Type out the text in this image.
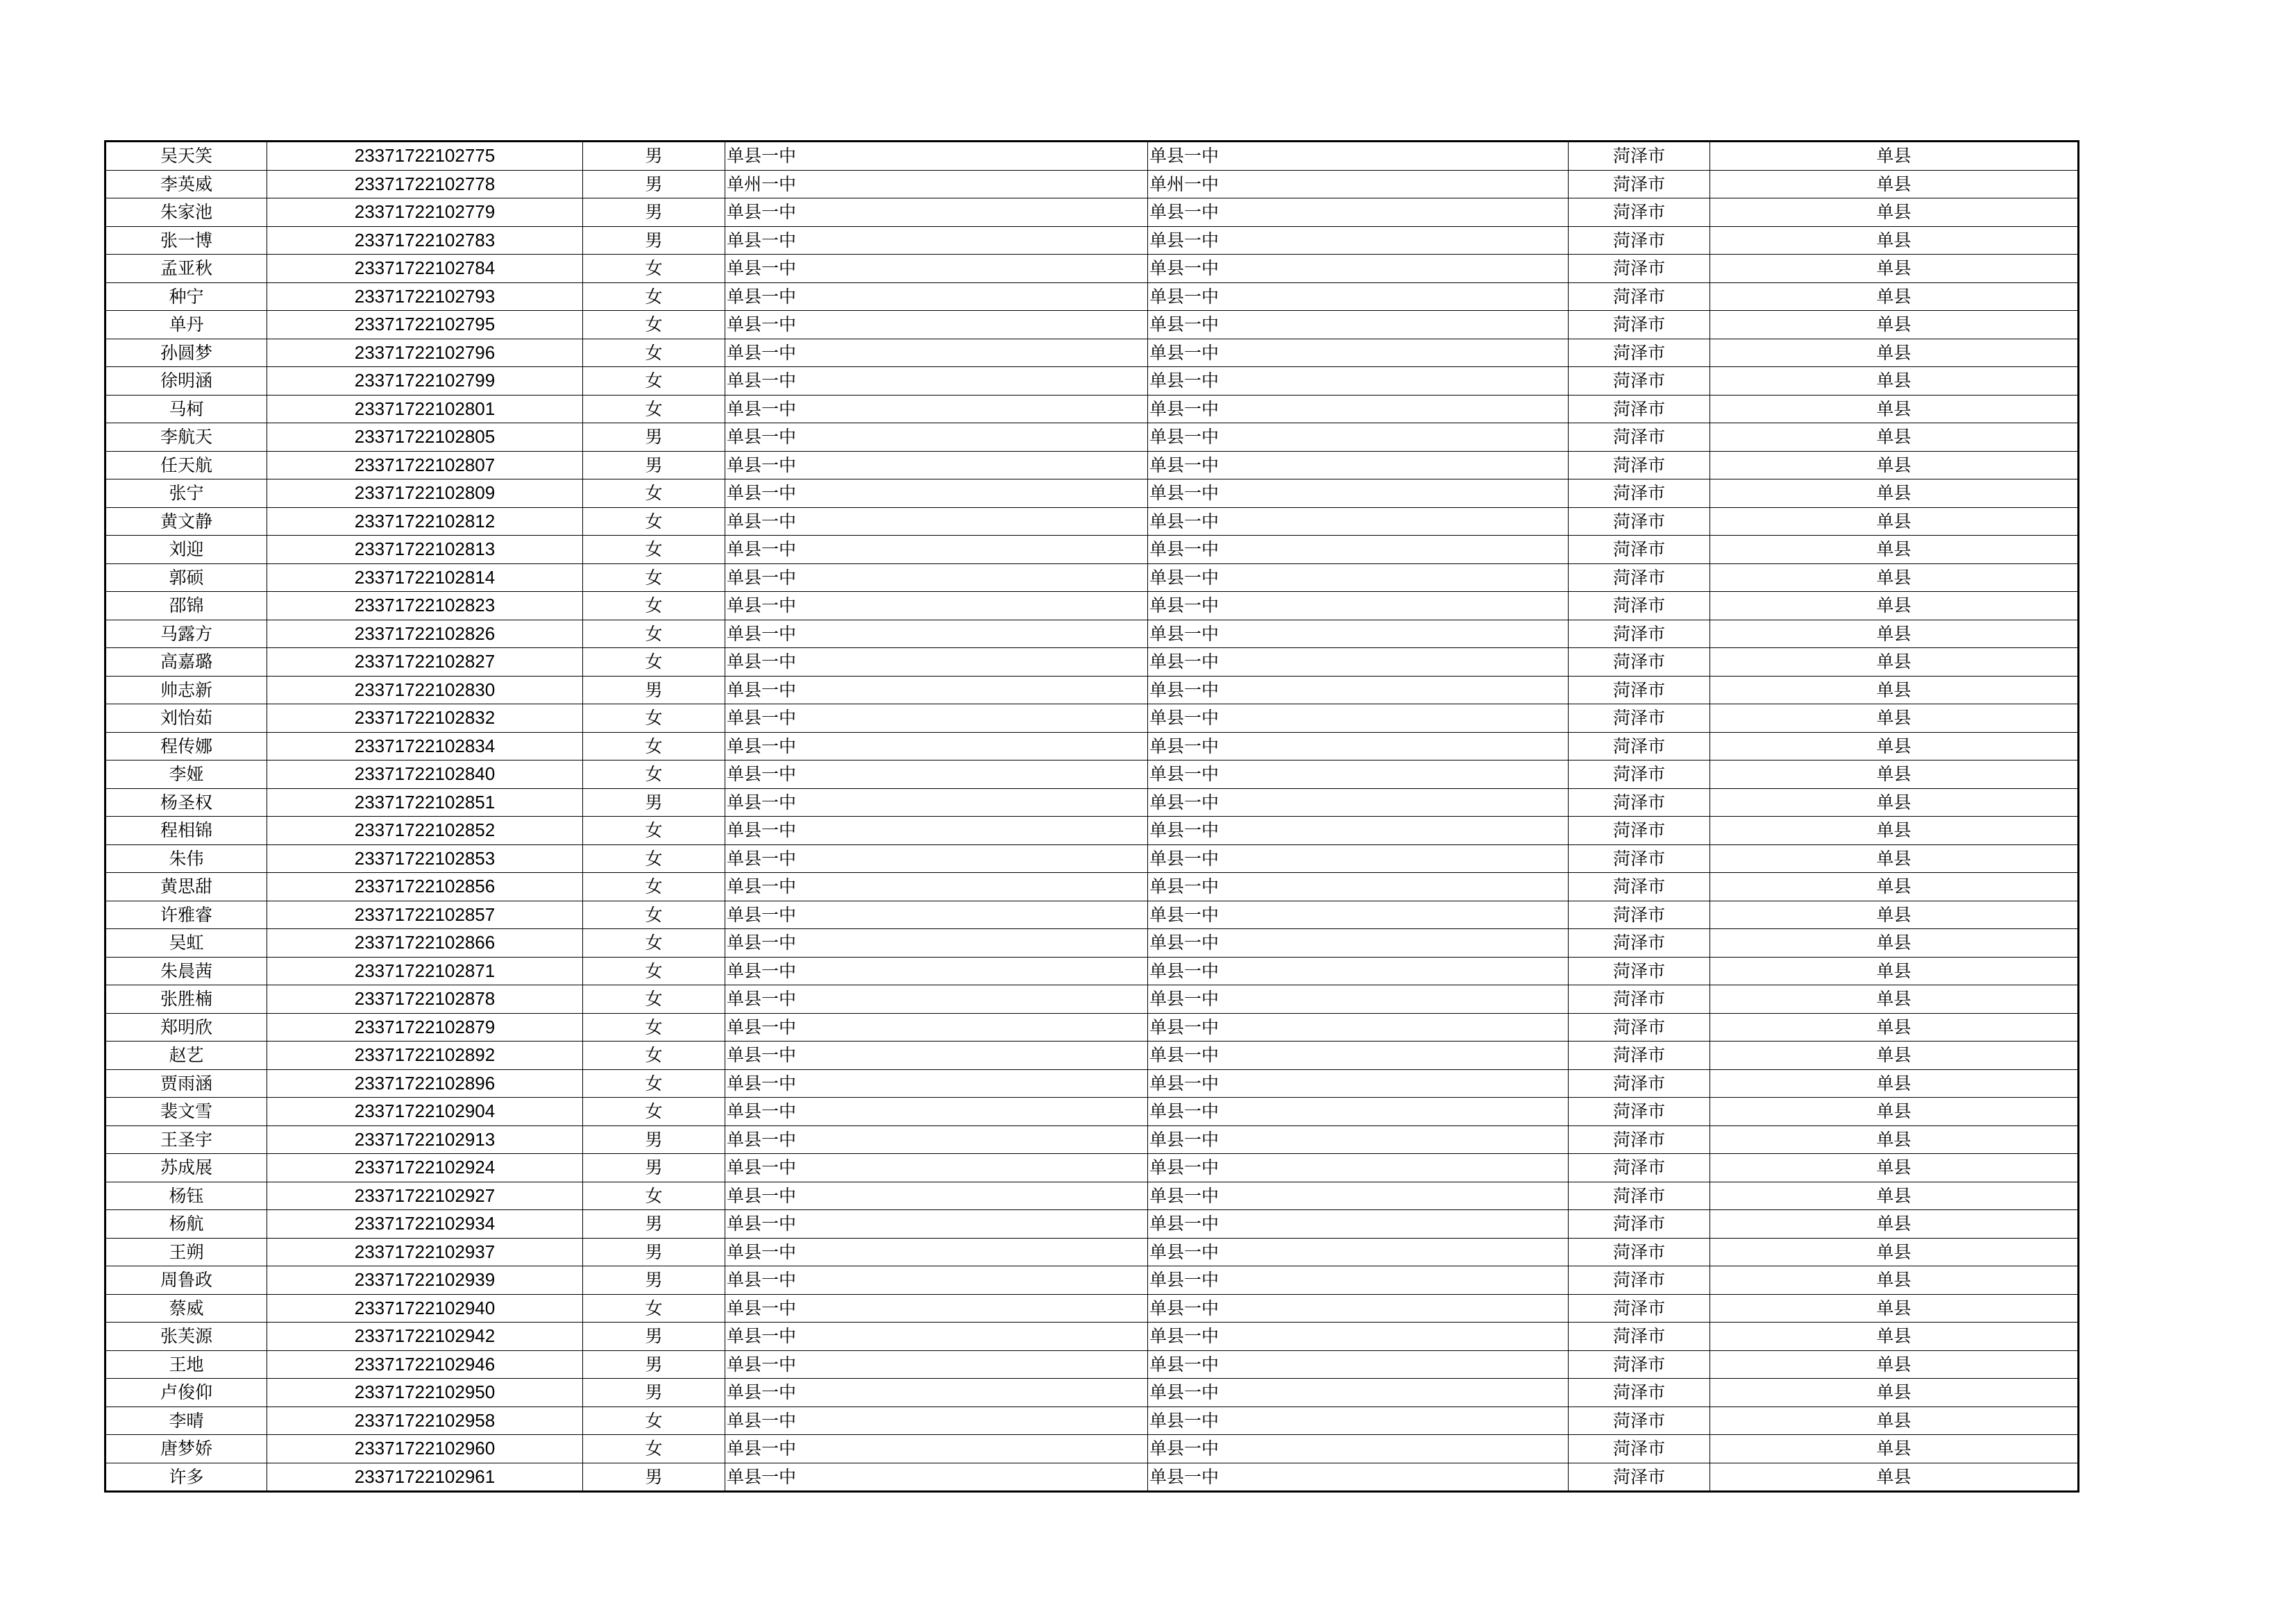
吴天笑	23371722102775	男	单县一中	单县一中	菏泽市	单县
李英威	23371722102778	男	单州一中	单州一中	菏泽市	单县
朱家池	23371722102779	男	单县一中	单县一中	菏泽市	单县
张一博	23371722102783	男	单县一中	单县一中	菏泽市	单县
孟亚秋	23371722102784	女	单县一中	单县一中	菏泽市	单县
种宁	23371722102793	女	单县一中	单县一中	菏泽市	单县
单丹	23371722102795	女	单县一中	单县一中	菏泽市	单县
孙圆梦	23371722102796	女	单县一中	单县一中	菏泽市	单县
徐明涵	23371722102799	女	单县一中	单县一中	菏泽市	单县
马柯	23371722102801	女	单县一中	单县一中	菏泽市	单县
李航天	23371722102805	男	单县一中	单县一中	菏泽市	单县
任天航	23371722102807	男	单县一中	单县一中	菏泽市	单县
张宁	23371722102809	女	单县一中	单县一中	菏泽市	单县
黄文静	23371722102812	女	单县一中	单县一中	菏泽市	单县
刘迎	23371722102813	女	单县一中	单县一中	菏泽市	单县
郭硕	23371722102814	女	单县一中	单县一中	菏泽市	单县
邵锦	23371722102823	女	单县一中	单县一中	菏泽市	单县
马露方	23371722102826	女	单县一中	单县一中	菏泽市	单县
高嘉璐	23371722102827	女	单县一中	单县一中	菏泽市	单县
帅志新	23371722102830	男	单县一中	单县一中	菏泽市	单县
刘怡茹	23371722102832	女	单县一中	单县一中	菏泽市	单县
程传娜	23371722102834	女	单县一中	单县一中	菏泽市	单县
李娅	23371722102840	女	单县一中	单县一中	菏泽市	单县
杨圣权	23371722102851	男	单县一中	单县一中	菏泽市	单县
程相锦	23371722102852	女	单县一中	单县一中	菏泽市	单县
朱伟	23371722102853	女	单县一中	单县一中	菏泽市	单县
黄思甜	23371722102856	女	单县一中	单县一中	菏泽市	单县
许雅睿	23371722102857	女	单县一中	单县一中	菏泽市	单县
吴虹	23371722102866	女	单县一中	单县一中	菏泽市	单县
朱晨茜	23371722102871	女	单县一中	单县一中	菏泽市	单县
张胜楠	23371722102878	女	单县一中	单县一中	菏泽市	单县
郑明欣	23371722102879	女	单县一中	单县一中	菏泽市	单县
赵艺	23371722102892	女	单县一中	单县一中	菏泽市	单县
贾雨涵	23371722102896	女	单县一中	单县一中	菏泽市	单县
裴文雪	23371722102904	女	单县一中	单县一中	菏泽市	单县
王圣宇	23371722102913	男	单县一中	单县一中	菏泽市	单县
苏成展	23371722102924	男	单县一中	单县一中	菏泽市	单县
杨钰	23371722102927	女	单县一中	单县一中	菏泽市	单县
杨航	23371722102934	男	单县一中	单县一中	菏泽市	单县
王朔	23371722102937	男	单县一中	单县一中	菏泽市	单县
周鲁政	23371722102939	男	单县一中	单县一中	菏泽市	单县
蔡威	23371722102940	女	单县一中	单县一中	菏泽市	单县
张芙源	23371722102942	男	单县一中	单县一中	菏泽市	单县
王地	23371722102946	男	单县一中	单县一中	菏泽市	单县
卢俊仰	23371722102950	男	单县一中	单县一中	菏泽市	单县
李晴	23371722102958	女	单县一中	单县一中	菏泽市	单县
唐梦娇	23371722102960	女	单县一中	单县一中	菏泽市	单县
许多	23371722102961	男	单县一中	单县一中	菏泽市	单县
